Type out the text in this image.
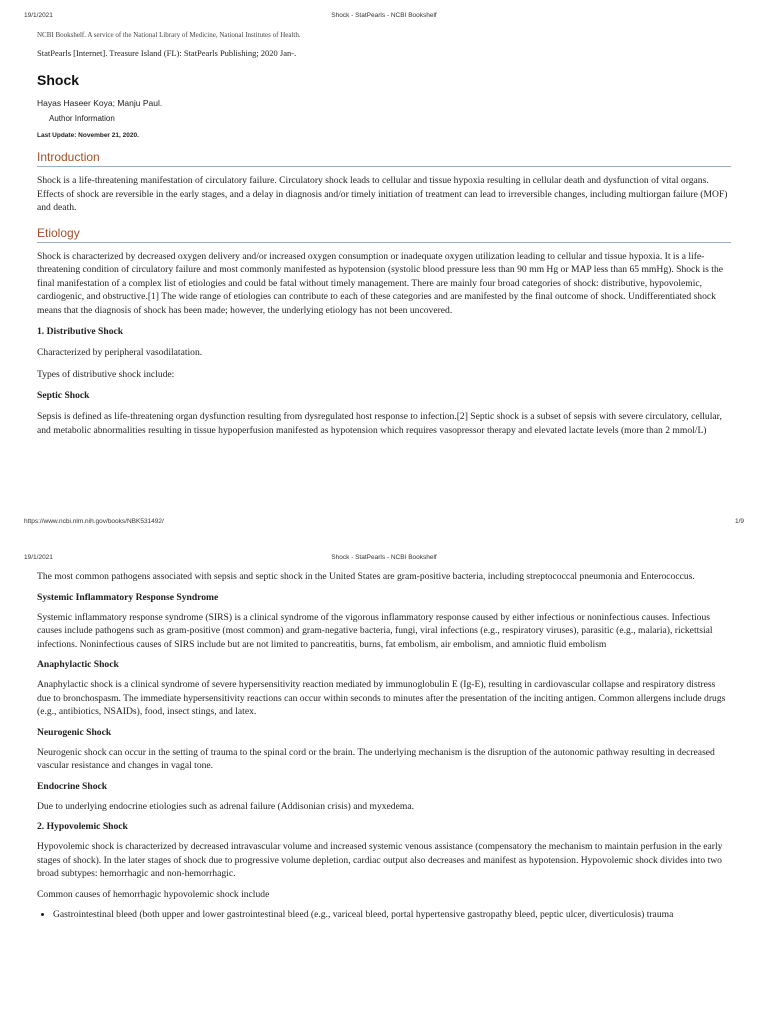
19/1/2021	Shock - StatPearls - NCBI Bookshelf

NCBI Bookshelf. A service of the National Library of Medicine, National Institutes of Health.

StatPearls [Internet]. Treasure Island (FL): StatPearls Publishing; 2020 Jan-.

Shock

Hayas Haseer Koya; Manju Paul.

Author Information

Last Update: November 21, 2020.

Introduction

Shock is a life-threatening manifestation of circulatory failure. Circulatory shock leads to cellular and tissue hypoxia resulting in cellular death and dysfunction of vital organs. Effects of shock are reversible in the early stages, and a delay in diagnosis and/or timely initiation of treatment can lead to irreversible changes, including multiorgan failure (MOF) and death.

Etiology

Shock is characterized by decreased oxygen delivery and/or increased oxygen consumption or inadequate oxygen utilization leading to cellular and tissue hypoxia. It is a life-threatening condition of circulatory failure and most commonly manifested as hypotension (systolic blood pressure less than 90 mm Hg or MAP less than 65 mmHg). Shock is the final manifestation of a complex list of etiologies and could be fatal without timely management. There are mainly four broad categories of shock: distributive, hypovolemic, cardiogenic, and obstructive.[1] The wide range of etiologies can contribute to each of these categories and are manifested by the final outcome of shock. Undifferentiated shock means that the diagnosis of shock has been made; however, the underlying etiology has not been uncovered.

1. Distributive Shock

Characterized by peripheral vasodilatation.

Types of distributive shock include:

Septic Shock

Sepsis is defined as life-threatening organ dysfunction resulting from dysregulated host response to infection.[2] Septic shock is a subset of sepsis with severe circulatory, cellular, and metabolic abnormalities resulting in tissue hypoperfusion manifested as hypotension which requires vasopressor therapy and elevated lactate levels (more than 2 mmol/L)

https://www.ncbi.nlm.nih.gov/books/NBK531492/	1/9
19/1/2021	Shock - StatPearls - NCBI Bookshelf

The most common pathogens associated with sepsis and septic shock in the United States are gram-positive bacteria, including streptococcal pneumonia and Enterococcus.

Systemic Inflammatory Response Syndrome

Systemic inflammatory response syndrome (SIRS) is a clinical syndrome of the vigorous inflammatory response caused by either infectious or noninfectious causes. Infectious causes include pathogens such as gram-positive (most common) and gram-negative bacteria, fungi, viral infections (e.g., respiratory viruses), parasitic (e.g., malaria), rickettsial infections. Noninfectious causes of SIRS include but are not limited to pancreatitis, burns, fat embolism, air embolism, and amniotic fluid embolism

Anaphylactic Shock

Anaphylactic shock is a clinical syndrome of severe hypersensitivity reaction mediated by immunoglobulin E (Ig-E), resulting in cardiovascular collapse and respiratory distress due to bronchospasm. The immediate hypersensitivity reactions can occur within seconds to minutes after the presentation of the inciting antigen. Common allergens include drugs (e.g., antibiotics, NSAIDs), food, insect stings, and latex.

Neurogenic Shock

Neurogenic shock can occur in the setting of trauma to the spinal cord or the brain. The underlying mechanism is the disruption of the autonomic pathway resulting in decreased vascular resistance and changes in vagal tone.

Endocrine Shock

Due to underlying endocrine etiologies such as adrenal failure (Addisonian crisis) and myxedema.

2. Hypovolemic Shock

Hypovolemic shock is characterized by decreased intravascular volume and increased systemic venous assistance (compensatory the mechanism to maintain perfusion in the early stages of shock). In the later stages of shock due to progressive volume depletion, cardiac output also decreases and manifest as hypotension. Hypovolemic shock divides into two broad subtypes: hemorrhagic and non-hemorrhagic.

Common causes of hemorrhagic hypovolemic shock include

• Gastrointestinal bleed (both upper and lower gastrointestinal bleed (e.g., variceal bleed, portal hypertensive gastropathy bleed, peptic ulcer, diverticulosis) trauma
